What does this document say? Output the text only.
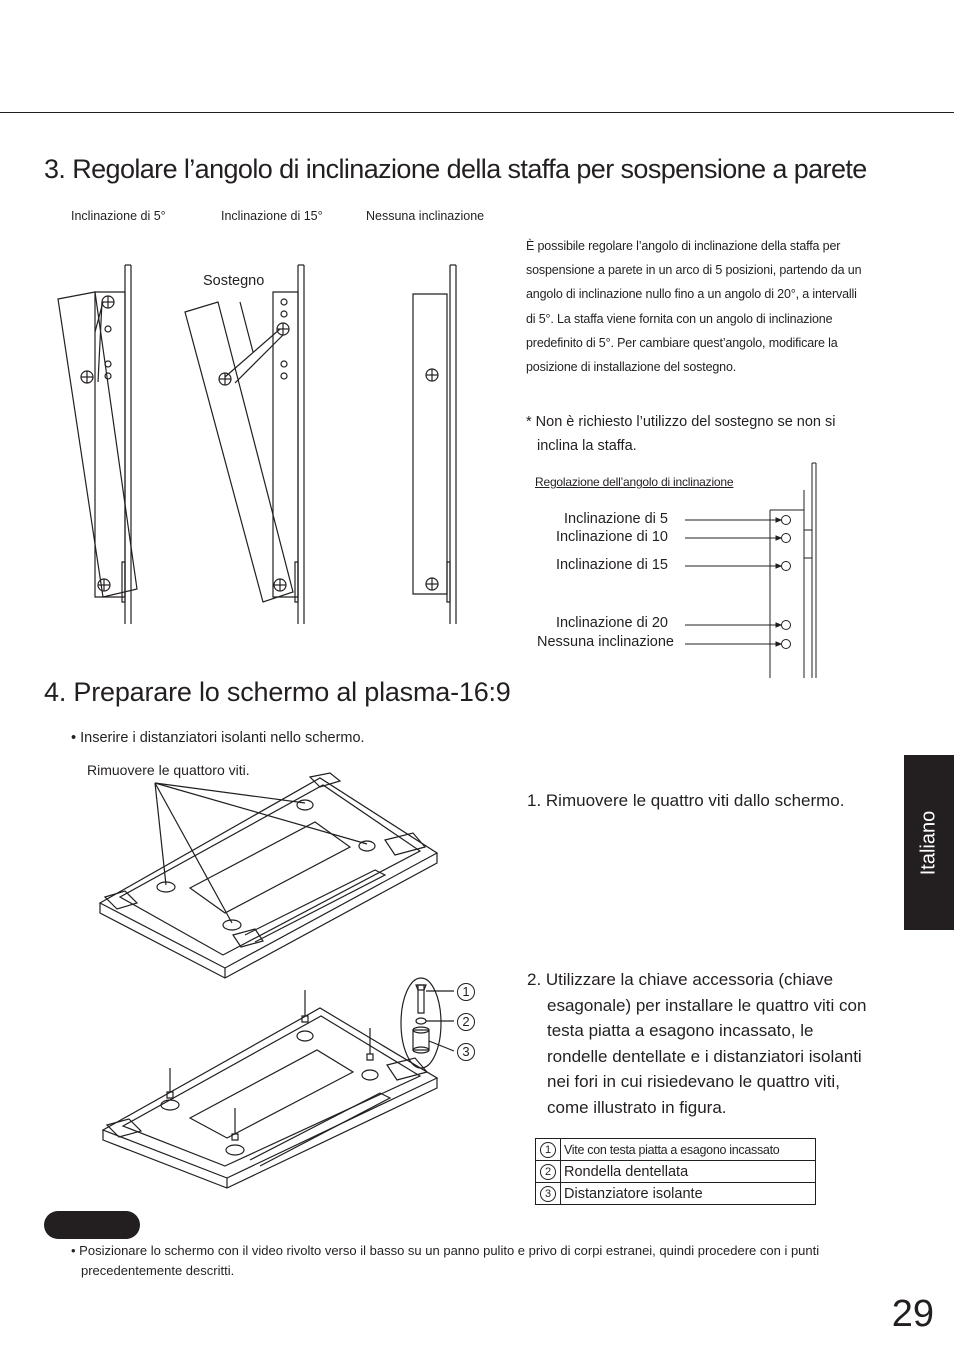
3. Regolare l’angolo di inclinazione della staffa per sospensione a parete
Inclinazione di 5°	Inclinazione di 15°	Nessuna inclinazione
Sostegno
È possibile regolare l’angolo di inclinazione della staffa per sospensione a parete in un arco di 5 posizioni, partendo da un angolo di inclinazione nullo fino a un angolo di 20°, a intervalli di 5°. La staffa viene fornita con un angolo di inclinazione predefinito di 5°. Per cambiare quest’angolo, modificare la posizione di installazione del sostegno.
* Non è richiesto l’utilizzo del sostegno se non si inclina la staffa.
Regolazione dell’angolo di inclinazione
Inclinazione di 5
Inclinazione di 10
Inclinazione di 15
Inclinazione di 20
Nessuna inclinazione
4. Preparare lo schermo al plasma-16:9
• Inserire i distanziatori isolanti nello schermo.
Rimuovere le quattoro viti.
1
2
3
1. Rimuovere le quattro viti dallo schermo.
2. Utilizzare la chiave accessoria (chiave esagonale) per installare le quattro viti con testa piatta a esagono incassato, le rondelle dentellate e i distanziatori isolanti nei fori in cui risiedevano le quattro viti, come illustrato in figura.
1	Vite con testa piatta a esagono incassato
2	Rondella dentellata
3	Distanziatore isolante
• Posizionare lo schermo con il video rivolto verso il basso su un panno pulito e privo di corpi estranei, quindi procedere con i punti precedentemente descritti.
Italiano
29
